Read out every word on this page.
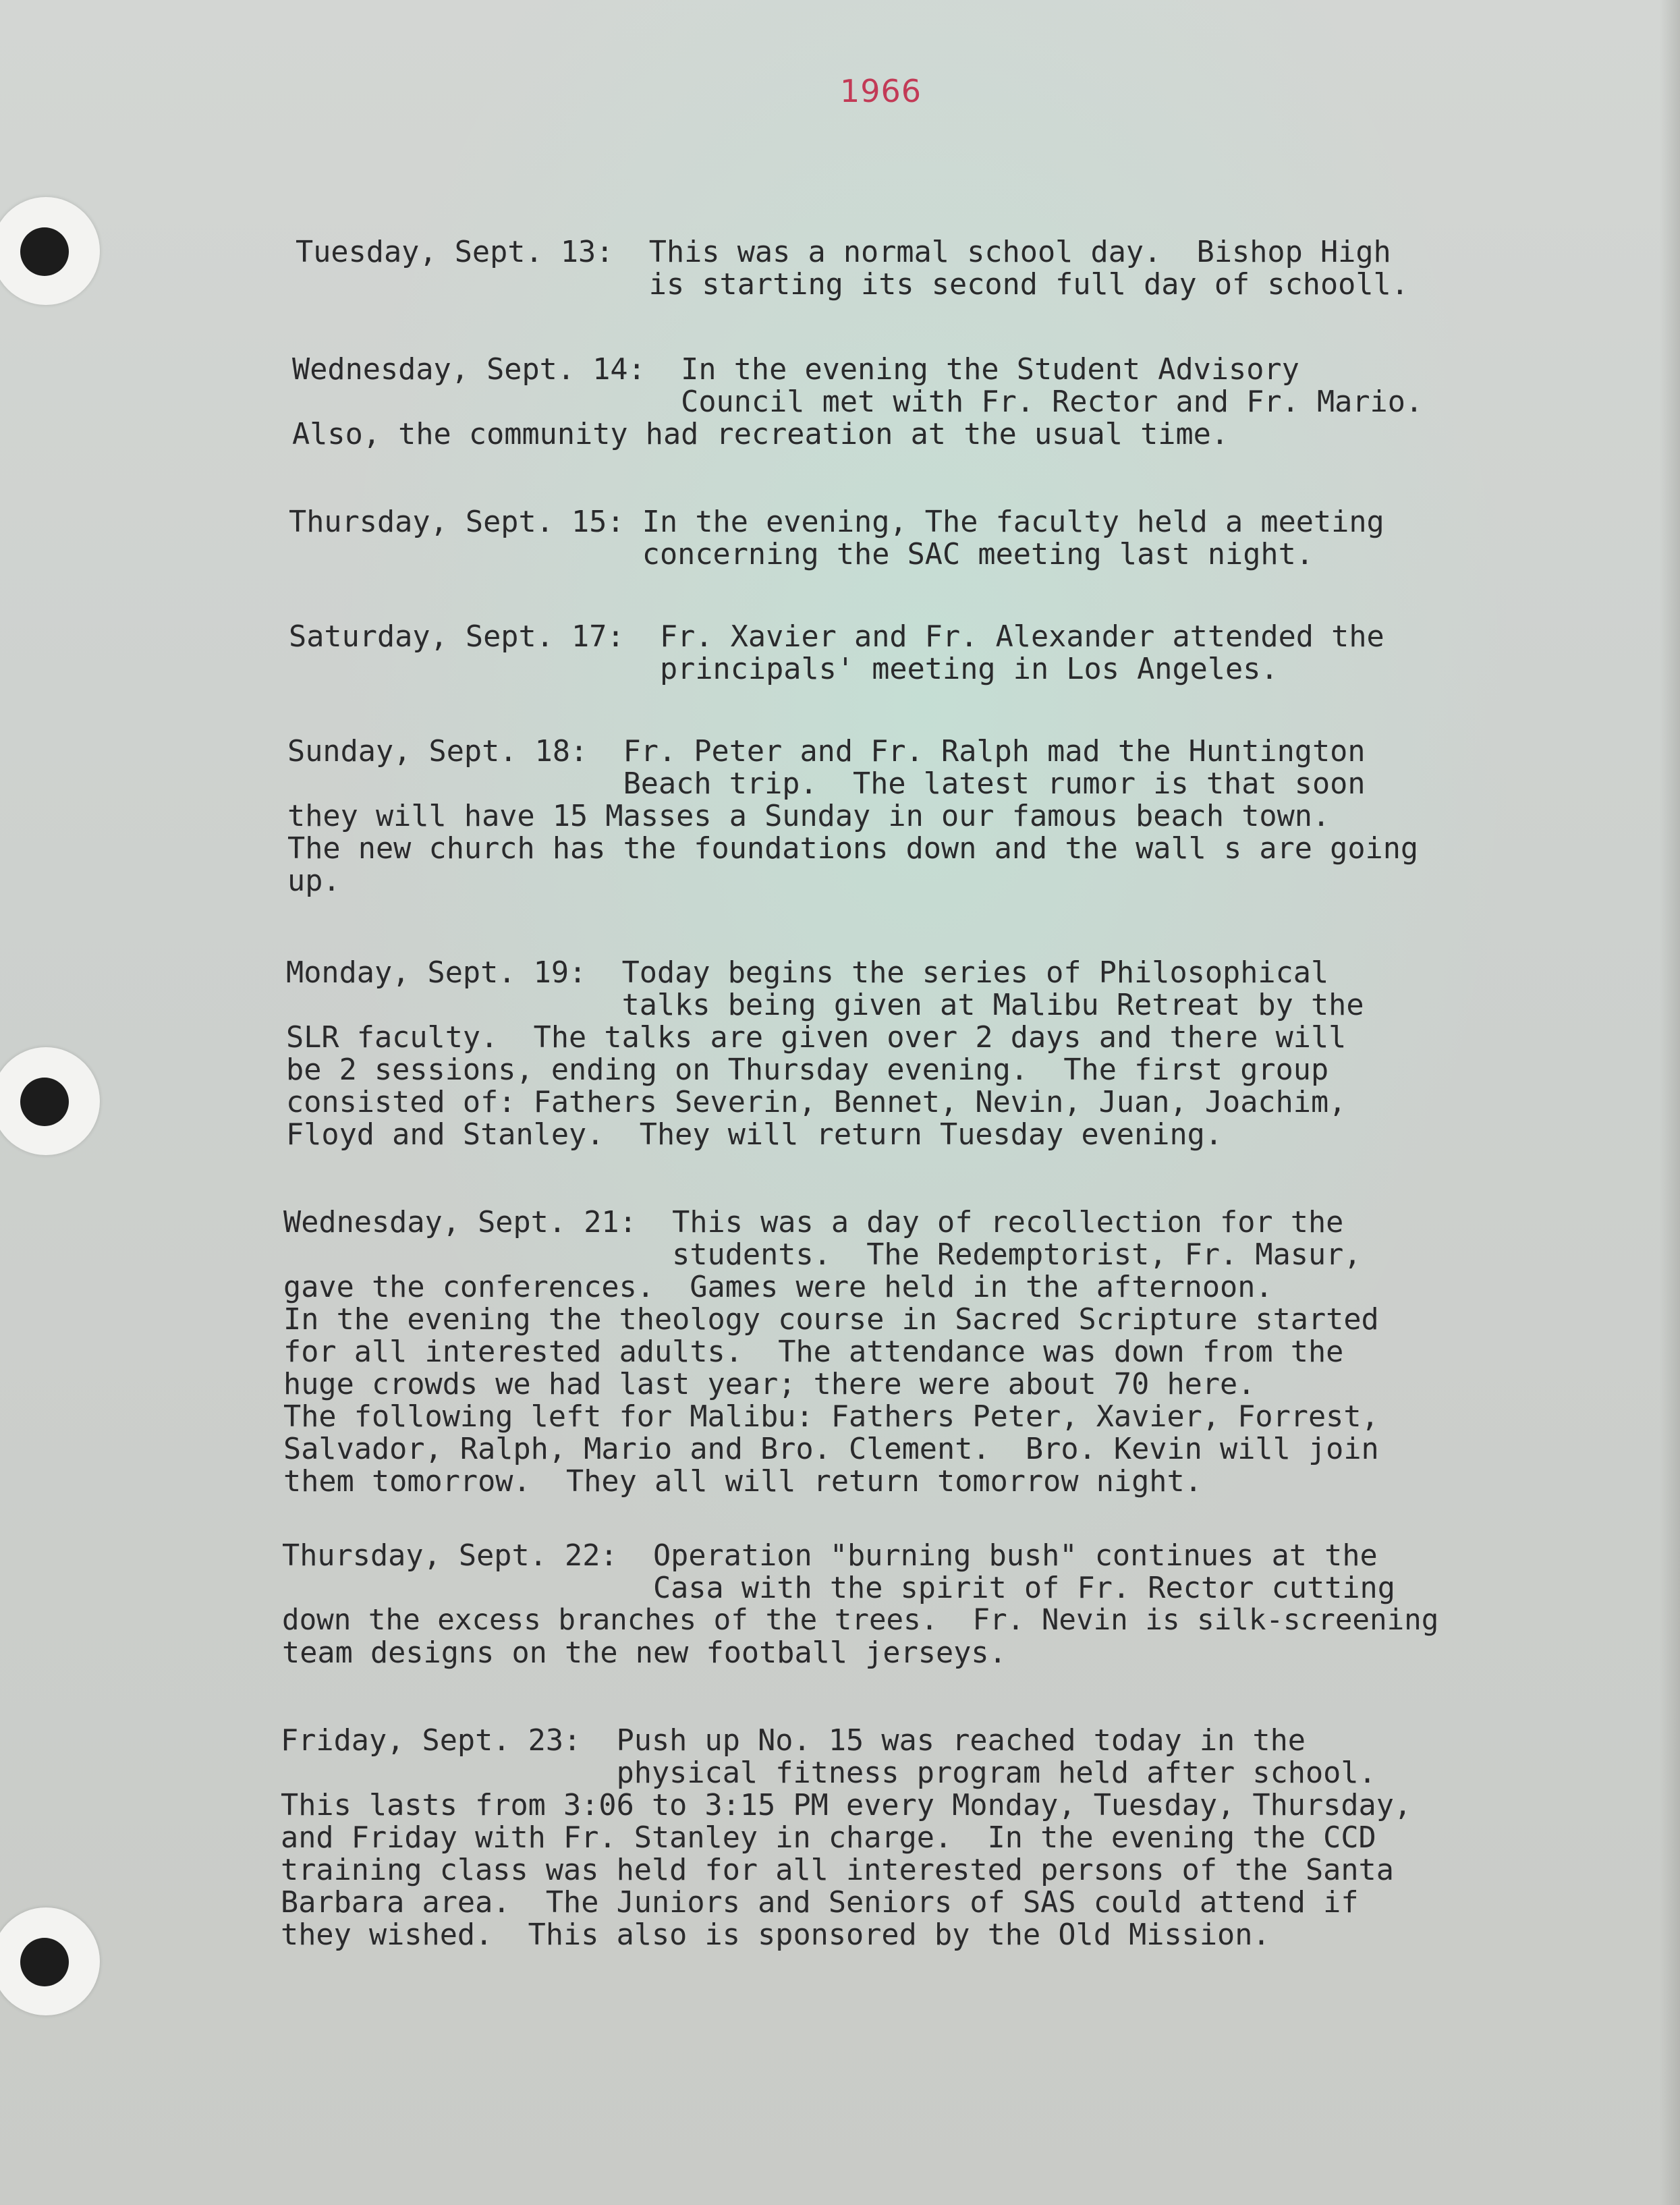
1966
Tuesday, Sept. 13:  This was a normal school day.  Bishop High
is starting its second full day of schooll.
Wednesday, Sept. 14:  In the evening the Student Advisory
Council met with Fr. Rector and Fr. Mario.
Also, the community had recreation at the usual time.
Thursday, Sept. 15: In the evening, The faculty held a meeting
concerning the SAC meeting last night.
Saturday, Sept. 17:  Fr. Xavier and Fr. Alexander attended the
principals' meeting in Los Angeles.
Sunday, Sept. 18:  Fr. Peter and Fr. Ralph mad the Huntington
Beach trip.  The latest rumor is that soon
they will have 15 Masses a Sunday in our famous beach town.
The new church has the foundations down and the wall s are going
up.
Monday, Sept. 19:  Today begins the series of Philosophical
talks being given at Malibu Retreat by the
SLR faculty.  The talks are given over 2 days and there will
be 2 sessions, ending on Thursday evening.  The first group
consisted of: Fathers Severin, Bennet, Nevin, Juan, Joachim,
Floyd and Stanley.  They will return Tuesday evening.
Wednesday, Sept. 21:  This was a day of recollection for the
students.  The Redemptorist, Fr. Masur,
gave the conferences.  Games were held in the afternoon.
In the evening the theology course in Sacred Scripture started
for all interested adults.  The attendance was down from the
huge crowds we had last year; there were about 70 here.
The following left for Malibu: Fathers Peter, Xavier, Forrest,
Salvador, Ralph, Mario and Bro. Clement.  Bro. Kevin will join
them tomorrow.  They all will return tomorrow night.
Thursday, Sept. 22:  Operation "burning bush" continues at the
Casa with the spirit of Fr. Rector cutting
down the excess branches of the trees.  Fr. Nevin is silk-screening
team designs on the new football jerseys.
Friday, Sept. 23:  Push up No. 15 was reached today in the
physical fitness program held after school.
This lasts from 3:06 to 3:15 PM every Monday, Tuesday, Thursday,
and Friday with Fr. Stanley in charge.  In the evening the CCD
training class was held for all interested persons of the Santa
Barbara area.  The Juniors and Seniors of SAS could attend if
they wished.  This also is sponsored by the Old Mission.
